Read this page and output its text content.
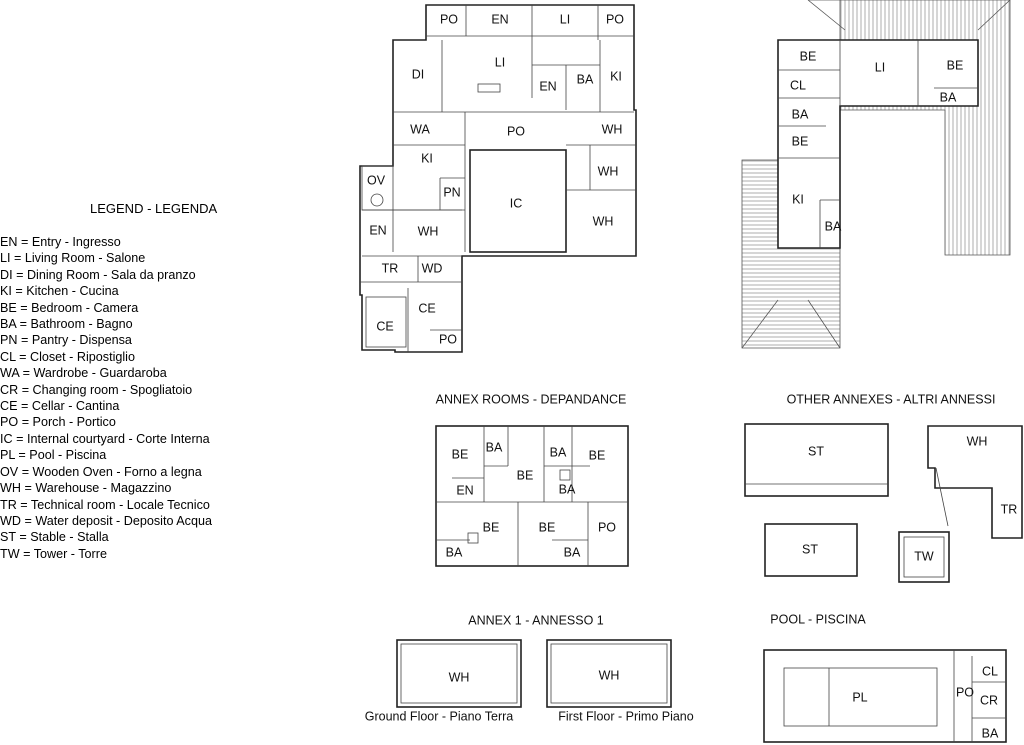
LEGEND - LEGENDA
EN = Entry - Ingresso
LI = Living Room - Salone
DI = Dining Room - Sala da pranzo
KI = Kitchen - Cucina
BE = Bedroom - Camera
BA = Bathroom - Bagno
PN = Pantry - Dispensa
CL = Closet - Ripostiglio
WA = Wardrobe - Guardaroba
CR = Changing room - Spogliatoio
CE = Cellar - Cantina
PO = Porch - Portico
IC = Internal courtyard - Corte Interna
PL = Pool - Piscina
OV = Wooden Oven - Forno a legna
WH = Warehouse - Magazzino
TR = Technical room - Locale Tecnico
WD = Water deposit - Deposito Acqua
ST = Stable - Stalla
TW = Tower - Torre
PO	EN	LI	PO
DI
LI
EN BA KI
WA	PO	WH
KI
WH
OV
PN
IC
WH
EN WH
TR WD
CE
CE
PO
BE
LI	BE
CL
BA
BA
BE
KI
BA
ANNEX ROOMS - DEPANDANCE
BE BA	BA BE
BE
EN	BA
BE	BE	PO
BA	BA
OTHER ANNEXES - ALTRI ANNESSI
ST
WH
TR
ST	TW
ANNEX 1 - ANNESSO 1
WH	WH
Ground Floor - Piano Terra	First Floor - Primo Piano
POOL - PISCINA
PL	PO
CL
CR
BA
